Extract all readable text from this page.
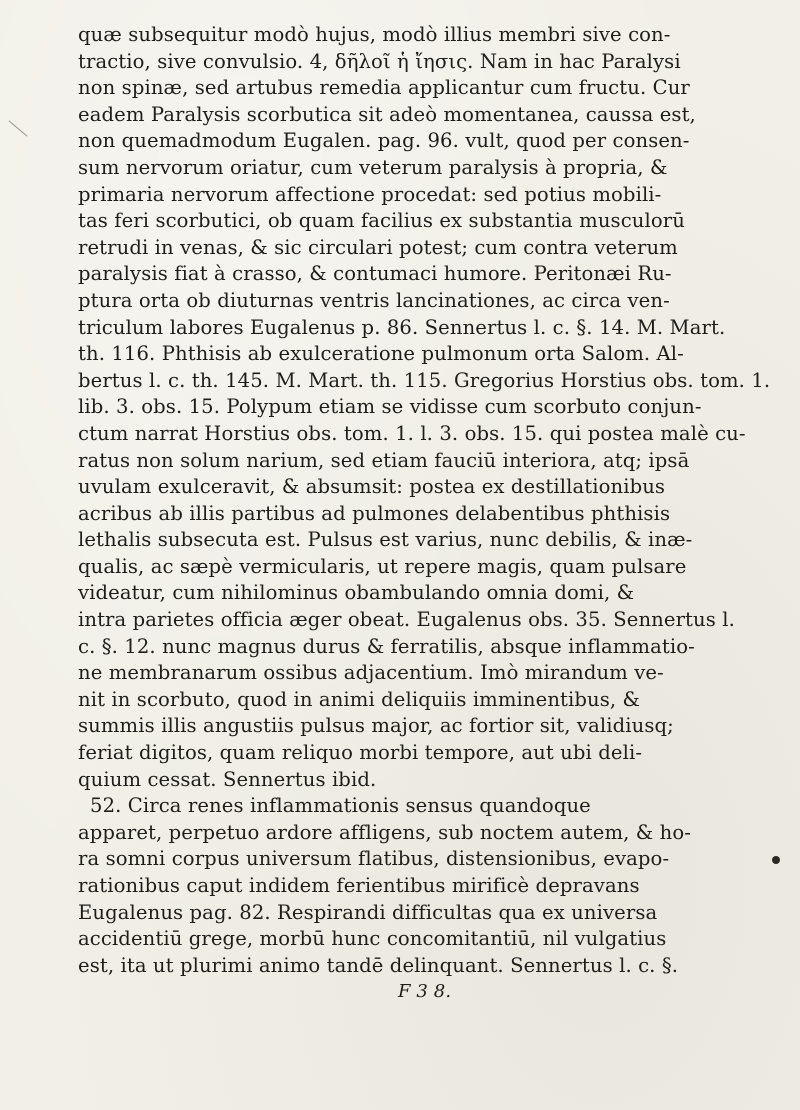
quæ subsequitur modò hujus, modò illius membri sive con-
tractio, sive convulsio. 4, δῆλοῖ ἡ ἴησις. Nam in hac Paralysi
non spinæ, sed artubus remedia applicantur cum fructu. Cur
eadem Paralysis scorbutica sit adeò momentanea, caussa est,
non quemadmodum Eugalen. pag. 96. vult, quod per consen-
sum nervorum oriatur, cum veterum paralysis à propria, &
primaria nervorum affectione procedat: sed potius mobili-
tas feri scorbutici, ob quam facilius ex substantia musculorū
retrudi in venas, & sic circulari potest; cum contra veterum
paralysis fiat à crasso, & contumaci humore. Peritonæi Ru-
ptura orta ob diuturnas ventris lancinationes, ac circa ven-
triculum labores Eugalenus p. 86. Sennertus l. c. §. 14. M. Mart.
th. 116. Phthisis ab exulceratione pulmonum orta Salom. Al-
bertus l. c. th. 145. M. Mart. th. 115. Gregorius Horstius obs. tom. 1.
lib. 3. obs. 15. Polypum etiam se vidisse cum scorbuto conjun-
ctum narrat Horstius obs. tom. 1. l. 3. obs. 15. qui postea malè cu-
ratus non solum narium, sed etiam fauciū interiora, atq; ipsā
uvulam exulceravit, & absumsit: postea ex destillationibus
acribus ab illis partibus ad pulmones delabentibus phthisis
lethalis subsecuta est. Pulsus est varius, nunc debilis, & inæ-
qualis, ac sæpè vermicularis, ut repere magis, quam pulsare
videatur, cum nihilominus obambulando omnia domi, &
intra parietes officia æger obeat. Eugalenus obs. 35. Sennertus l.
c. §. 12. nunc magnus durus & ferratilis, absque inflammatio-
ne membranarum ossibus adjacentium. Imò mirandum ve-
nit in scorbuto, quod in animi deliquiis imminentibus, &
summis illis angustiis pulsus major, ac fortior sit, validiusq;
feriat digitos, quam reliquo morbi tempore, aut ubi deli-
quium cessat. Sennertus ibid.
52. Circa renes inflammationis sensus quandoque
apparet, perpetuo ardore affligens, sub noctem autem, & ho-
ra somni corpus universum flatibus, distensionibus, evapo-
rationibus caput indidem ferientibus mirificè depravans
Eugalenus pag. 82. Respirandi difficultas qua ex universa
accidentiū grege, morbū hunc concomitantiū, nil vulgatius
est, ita ut plurimi animo tandē delinquant. Sennertus l. c. §.
F 3 8.
